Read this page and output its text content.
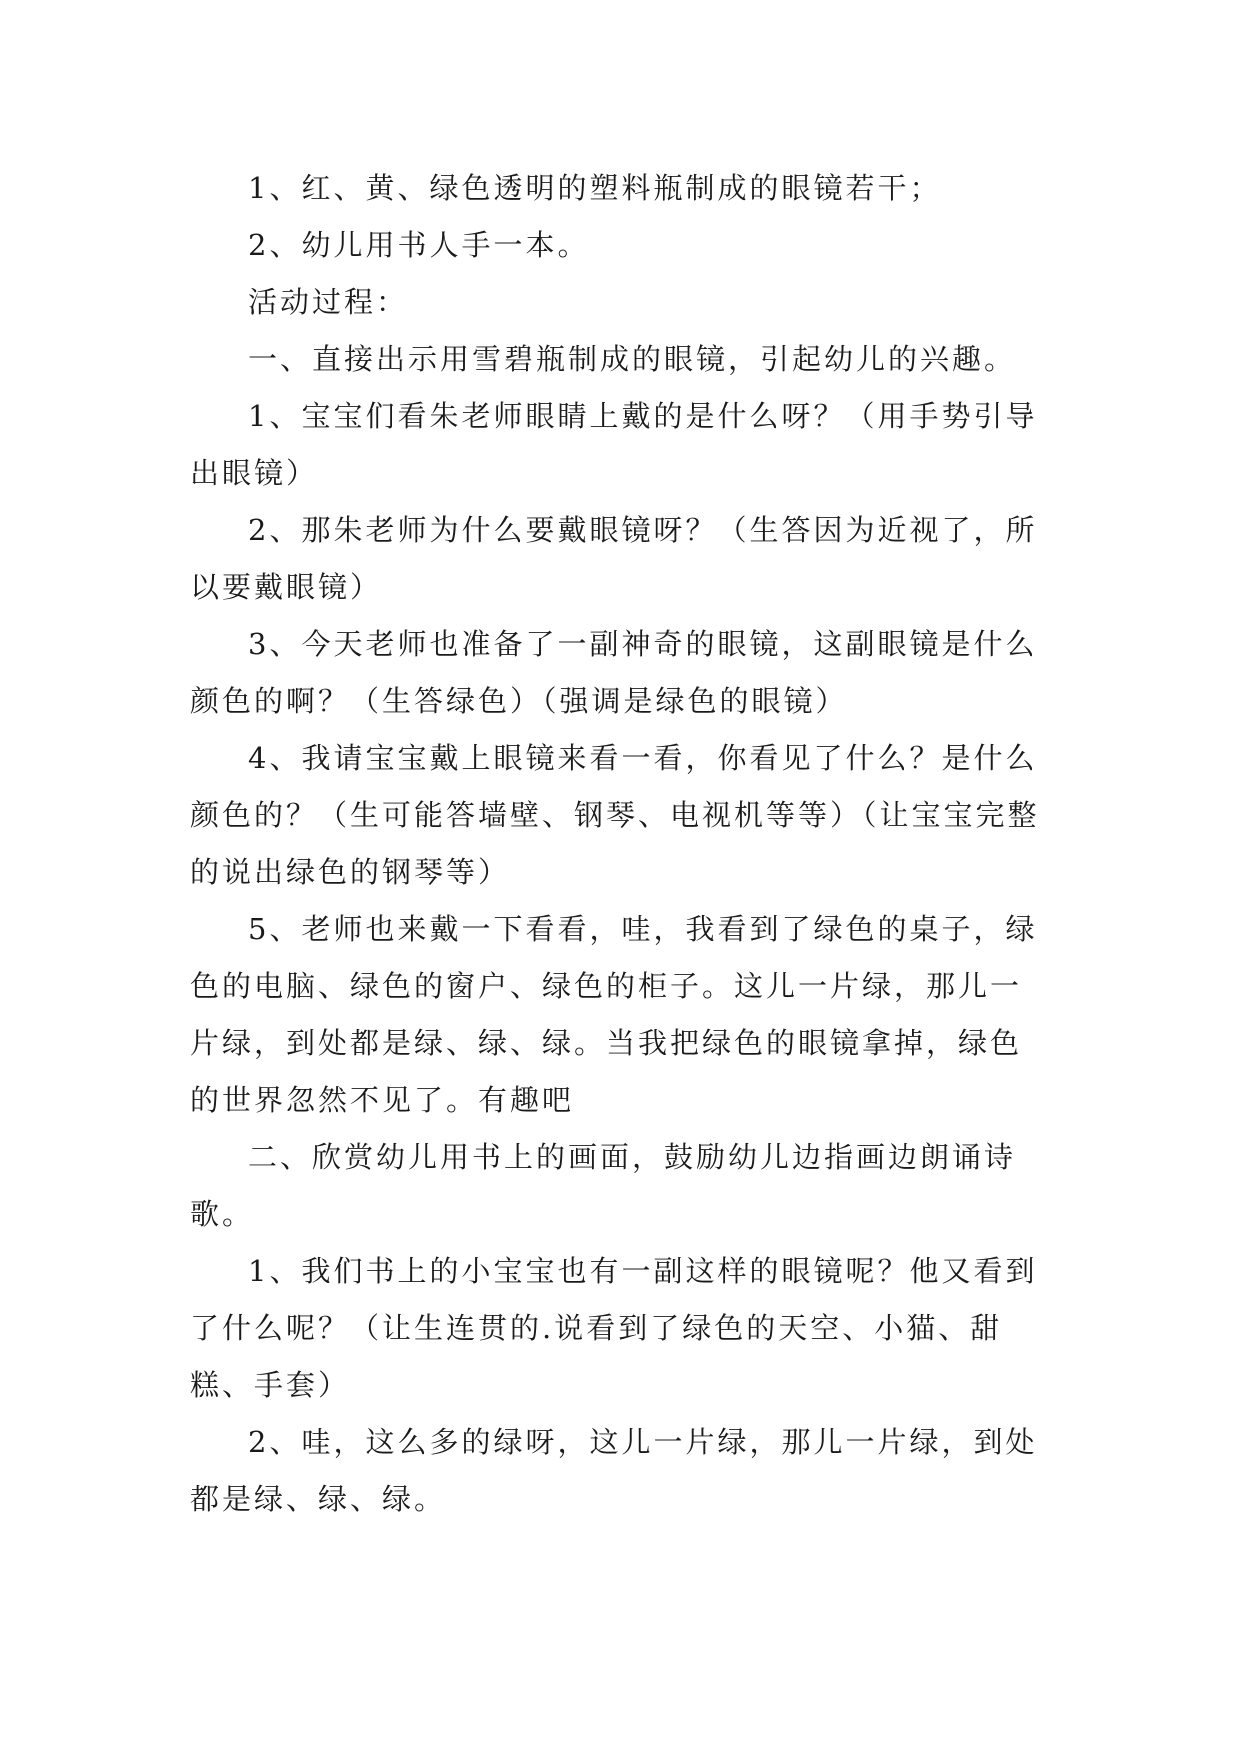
1、红、黄、绿色透明的塑料瓶制成的眼镜若干；

2、幼儿用书人手一本。

活动过程：

一、直接出示用雪碧瓶制成的眼镜，引起幼儿的兴趣。

1、宝宝们看朱老师眼睛上戴的是什么呀？（用手势引导出眼镜）

2、那朱老师为什么要戴眼镜呀？（生答因为近视了，所以要戴眼镜）

3、今天老师也准备了一副神奇的眼镜，这副眼镜是什么颜色的啊？（生答绿色）（强调是绿色的眼镜）

4、我请宝宝戴上眼镜来看一看，你看见了什么？是什么颜色的？（生可能答墙壁、钢琴、电视机等等）（让宝宝完整的说出绿色的钢琴等）

5、老师也来戴一下看看，哇，我看到了绿色的桌子，绿色的电脑、绿色的窗户、绿色的柜子。这儿一片绿，那儿一片绿，到处都是绿、绿、绿。当我把绿色的眼镜拿掉，绿色的世界忽然不见了。有趣吧

二、欣赏幼儿用书上的画面，鼓励幼儿边指画边朗诵诗歌。

1、我们书上的小宝宝也有一副这样的眼镜呢？他又看到了什么呢？（让生连贯的.说看到了绿色的天空、小猫、甜糕、手套）

2、哇，这么多的绿呀，这儿一片绿，那儿一片绿，到处都是绿、绿、绿。
